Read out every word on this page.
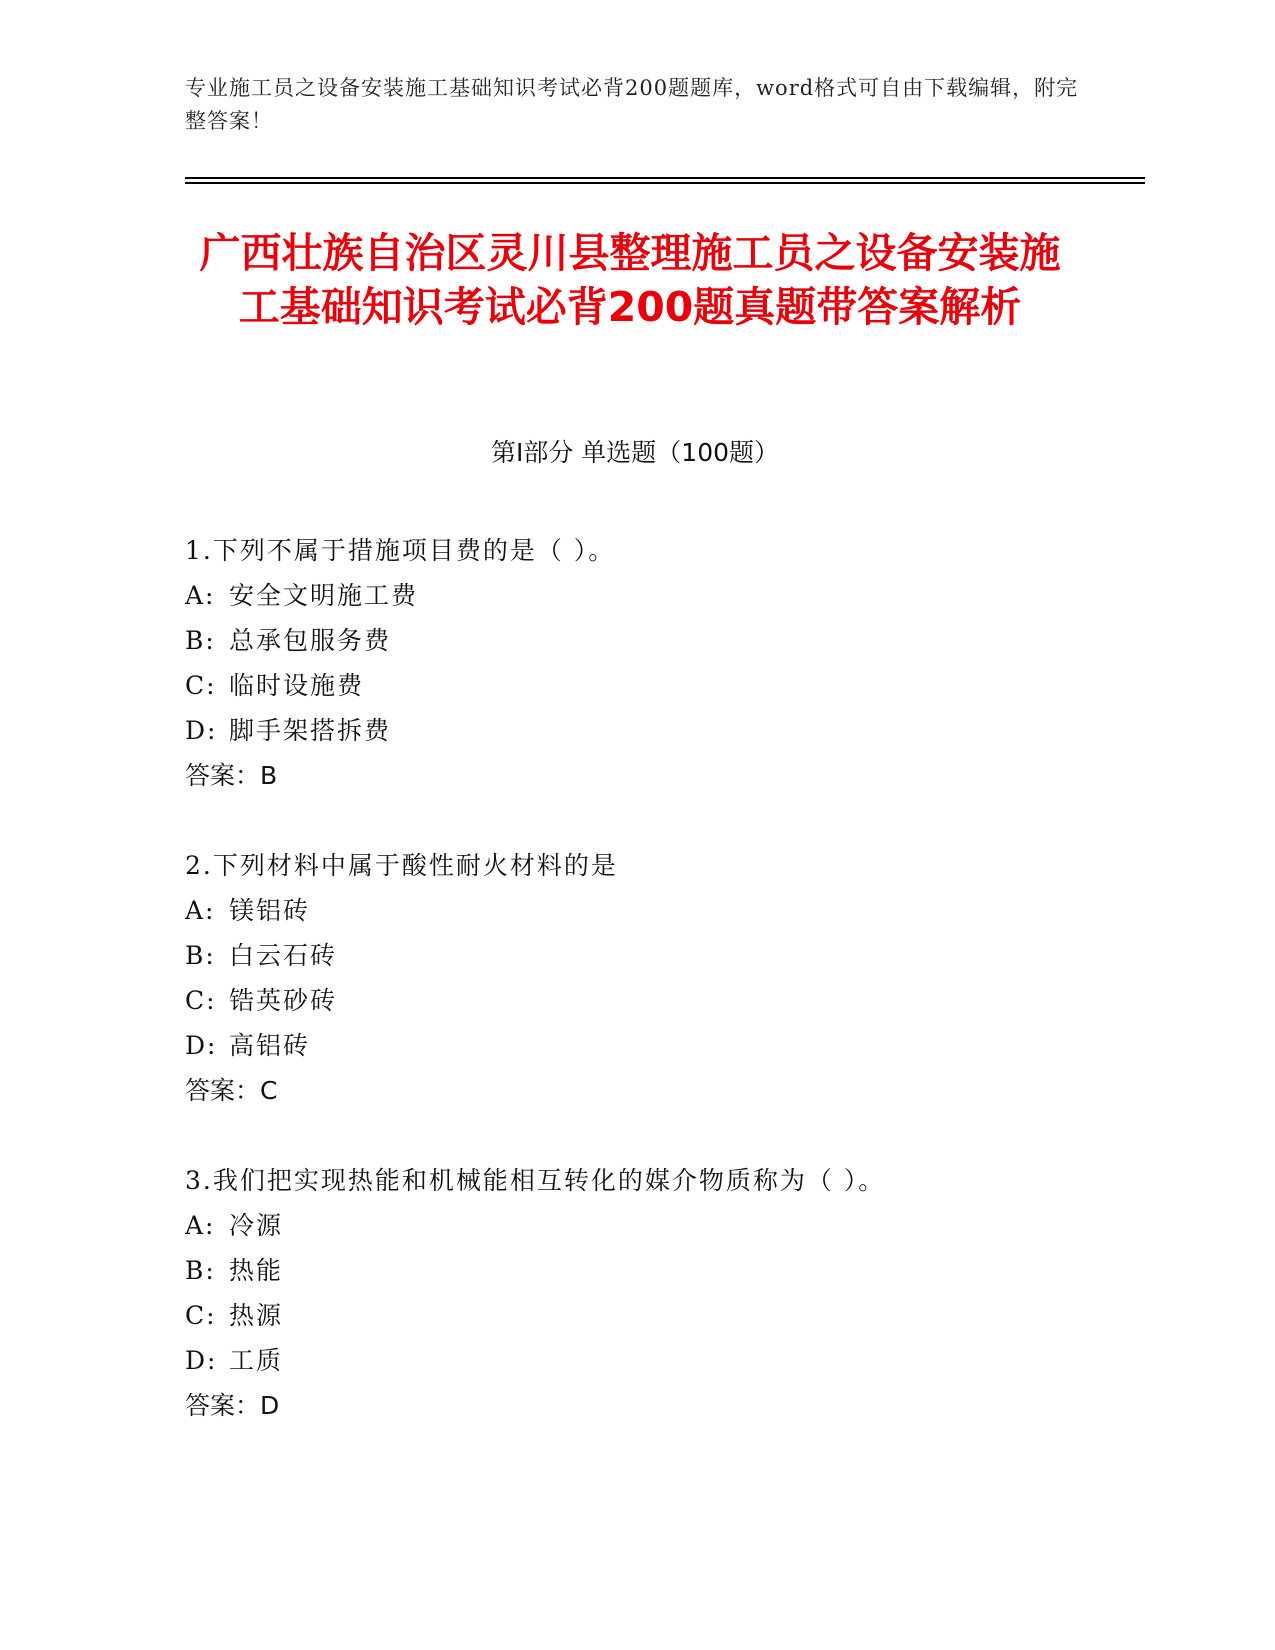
专业施工员之设备安装施工基础知识考试必背200题题库，word格式可自由下载编辑，附完整答案！
广西壮族自治区灵川县整理施工员之设备安装施工基础知识考试必背200题真题带答案解析
第Ⅰ部分 单选题（100题）
1.下列不属于措施项目费的是（ ）。
A: 安全文明施工费
B: 总承包服务费
C: 临时设施费
D: 脚手架搭拆费
答案：B
2.下列材料中属于酸性耐火材料的是
A: 镁铝砖
B: 白云石砖
C: 锆英砂砖
D: 高铝砖
答案：C
3.我们把实现热能和机械能相互转化的媒介物质称为（ ）。
A: 冷源
B: 热能
C: 热源
D: 工质
答案：D
